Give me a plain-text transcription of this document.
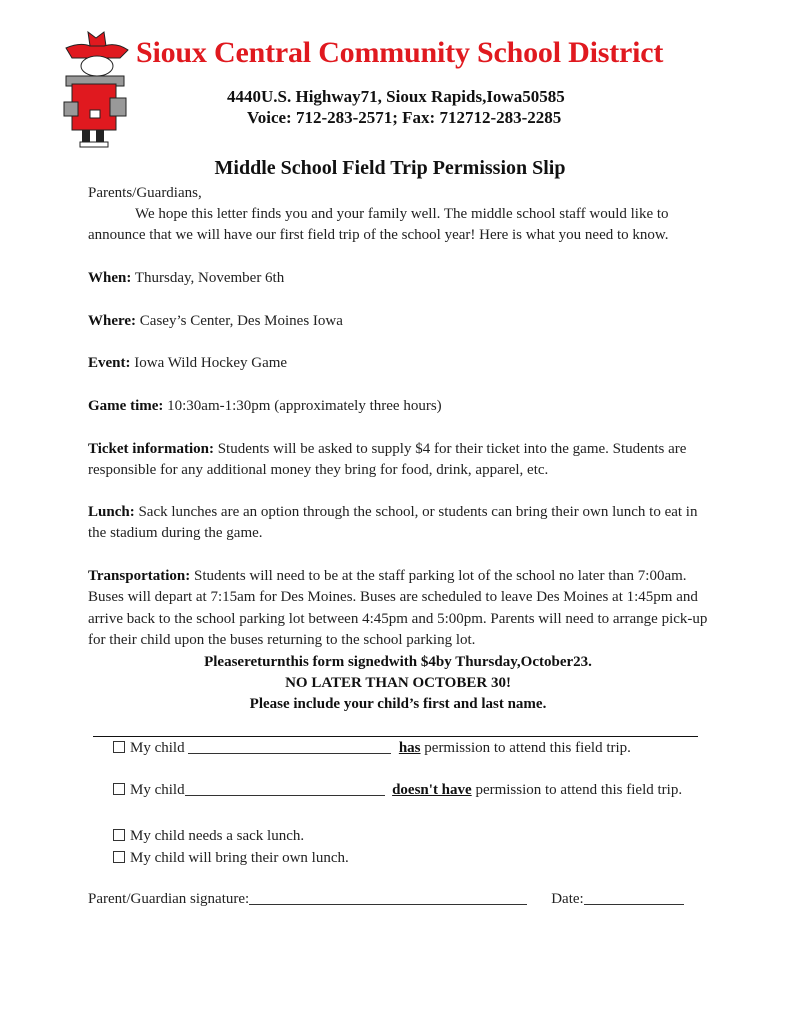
Sioux Central Community School District
4440U.S. Highway71, Sioux Rapids,Iowa50585
Voice: 712-283-2571; Fax: 712712-283-2285
Middle School Field Trip Permission Slip
Parents/Guardians,
We hope this letter finds you and your family well. The middle school staff would like to announce that we will have our first field trip of the school year! Here is what you need to know.
When: Thursday, November 6th
Where: Casey’s Center, Des Moines Iowa
Event: Iowa Wild Hockey Game
Game time: 10:30am-1:30pm (approximately three hours)
Ticket information: Students will be asked to supply $4 for their ticket into the game. Students are responsible for any additional money they bring for food, drink, apparel, etc.
Lunch: Sack lunches are an option through the school, or students can bring their own lunch to eat in the stadium during the game.
Transportation: Students will need to be at the staff parking lot of the school no later than 7:00am. Buses will depart at 7:15am for Des Moines. Buses are scheduled to leave Des Moines at 1:45pm and arrive back to the school parking lot between 4:45pm and 5:00pm. Parents will need to arrange pick-up for their child upon the buses returning to the school parking lot.
Pleasereturnthis form signedwith $4by Thursday,October23.
NO LATER THAN OCTOBER 30!
Please include your child’s first and last name.
My child	has permission to attend this field trip.
My child	doesn't have permission to attend this field trip.
My child needs a sack lunch.
My child will bring their own lunch.
Parent/Guardian signature:	Date:
